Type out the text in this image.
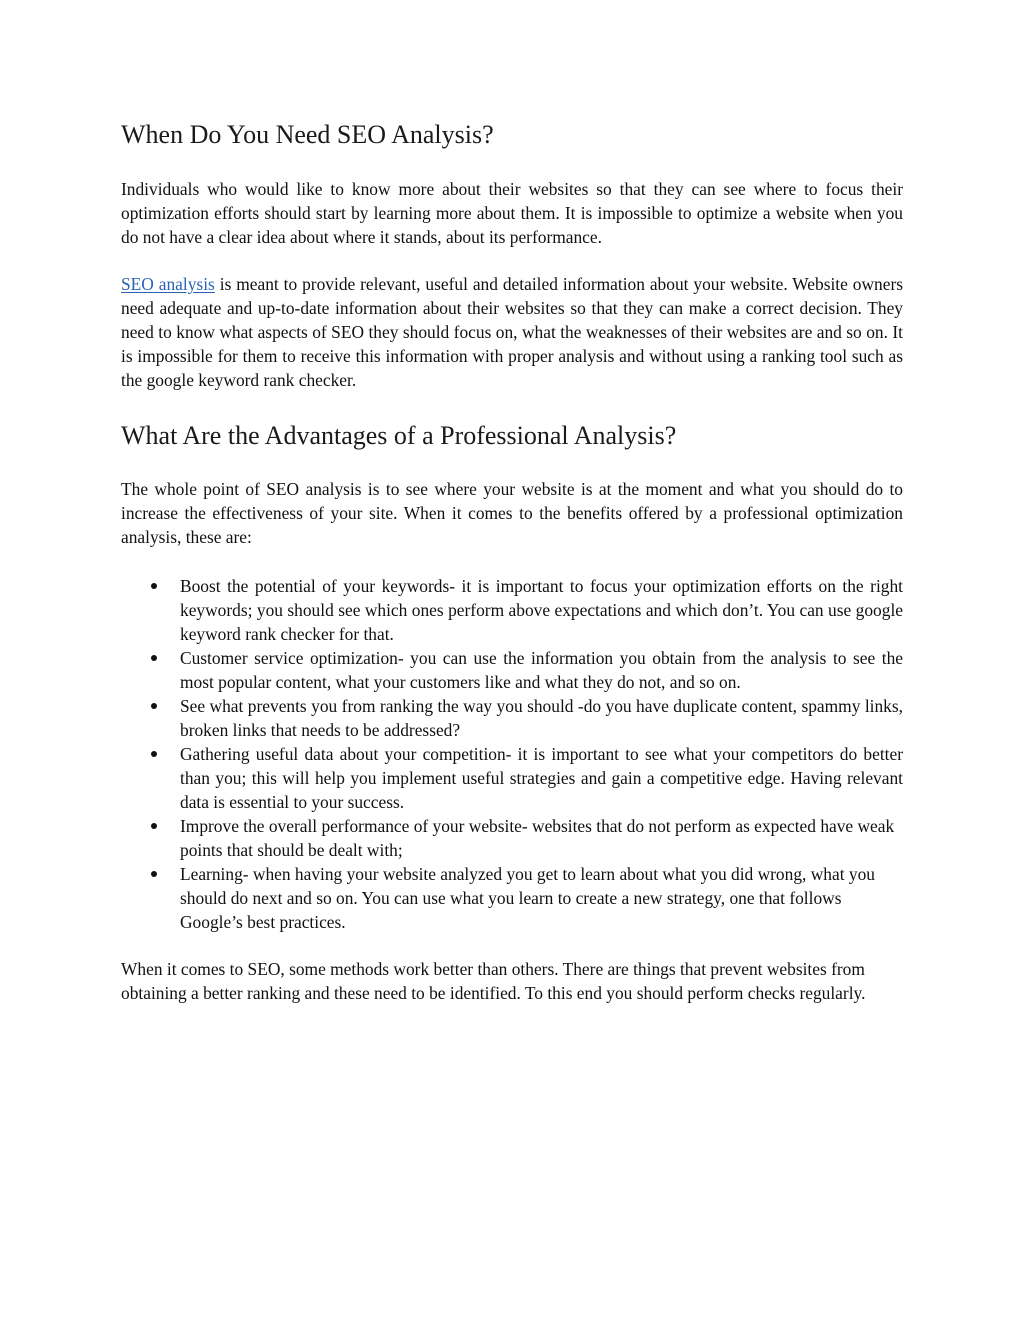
When Do You Need SEO Analysis?

Individuals who would like to know more about their websites so that they can see where to focus their optimization efforts should start by learning more about them. It is impossible to optimize a website when you do not have a clear idea about where it stands, about its performance.

SEO analysis is meant to provide relevant, useful and detailed information about your website. Website owners need adequate and up-to-date information about their websites so that they can make a correct decision. They need to know what aspects of SEO they should focus on, what the weaknesses of their websites are and so on. It is impossible for them to receive this information with proper analysis and without using a ranking tool such as the google keyword rank checker.

What Are the Advantages of a Professional Analysis?

The whole point of SEO analysis is to see where your website is at the moment and what you should do to increase the effectiveness of your site. When it comes to the benefits offered by a professional optimization analysis, these are:

Boost the potential of your keywords- it is important to focus your optimization efforts on the right keywords; you should see which ones perform above expectations and which don’t. You can use google keyword rank checker for that.
Customer service optimization- you can use the information you obtain from the analysis to see the most popular content, what your customers like and what they do not, and so on.
See what prevents you from ranking the way you should -do you have duplicate content, spammy links, broken links that needs to be addressed?
Gathering useful data about your competition- it is important to see what your competitors do better than you; this will help you implement useful strategies and gain a competitive edge. Having relevant data is essential to your success.
Improve the overall performance of your website- websites that do not perform as expected have weak points that should be dealt with;
Learning- when having your website analyzed you get to learn about what you did wrong, what you should do next and so on. You can use what you learn to create a new strategy, one that follows Google’s best practices.

When it comes to SEO, some methods work better than others. There are things that prevent websites from obtaining a better ranking and these need to be identified. To this end you should perform checks regularly.
